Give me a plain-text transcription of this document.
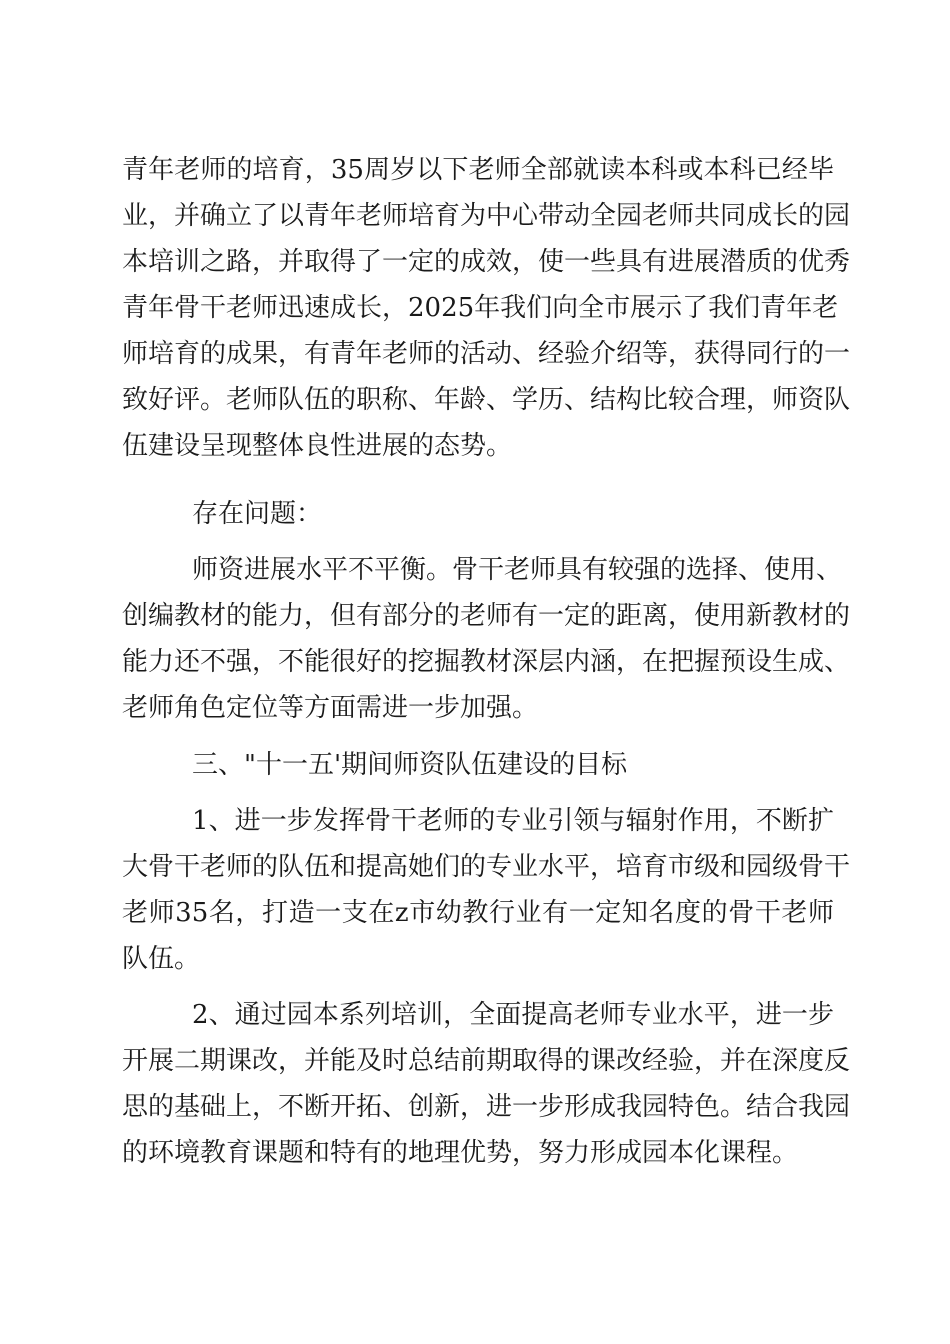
青年老师的培育，35周岁以下老师全部就读本科或本科已经毕

业，并确立了以青年老师培育为中心带动全园老师共同成长的园

本培训之路，并取得了一定的成效，使一些具有进展潜质的优秀

青年骨干老师迅速成长，2025年我们向全市展示了我们青年老

师培育的成果，有青年老师的活动、经验介绍等，获得同行的一

致好评。老师队伍的职称、年龄、学历、结构比较合理，师资队

伍建设呈现整体良性进展的态势。

存在问题：

师资进展水平不平衡。骨干老师具有较强的选择、使用、

创编教材的能力，但有部分的老师有一定的距离，使用新教材的

能力还不强，不能很好的挖掘教材深层内涵，在把握预设生成、

老师角色定位等方面需进一步加强。

三、"十一五'期间师资队伍建设的目标

1、进一步发挥骨干老师的专业引领与辐射作用，不断扩

大骨干老师的队伍和提高她们的专业水平，培育市级和园级骨干

老师35名，打造一支在z市幼教行业有一定知名度的骨干老师

队伍。

2、通过园本系列培训，全面提高老师专业水平，进一步

开展二期课改，并能及时总结前期取得的课改经验，并在深度反

思的基础上，不断开拓、创新，进一步形成我园特色。结合我园

的环境教育课题和特有的地理优势，努力形成园本化课程。
